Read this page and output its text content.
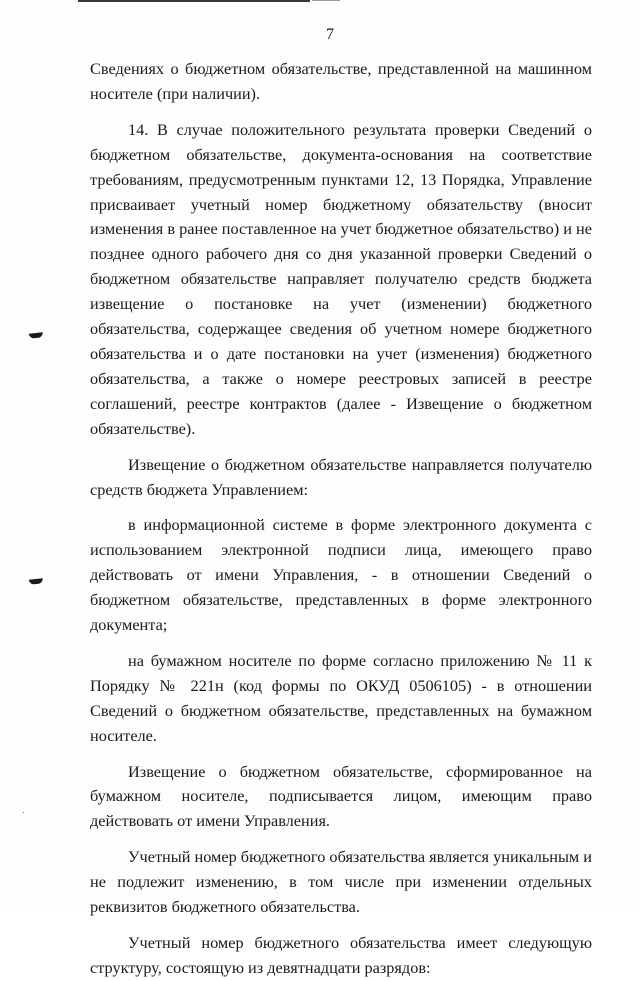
7

Сведениях о бюджетном обязательстве, представленной на машинном носителе (при наличии).

14. В случае положительного результата проверки Сведений о бюджетном обязательстве, документа-основания на соответствие требованиям, предусмотренным пунктами 12, 13 Порядка, Управление присваивает учетный номер бюджетному обязательству (вносит изменения в ранее поставленное на учет бюджетное обязательство) и не позднее одного рабочего дня со дня указанной проверки Сведений о бюджетном обязательстве направляет получателю средств бюджета извещение о постановке на учет (изменении) бюджетного обязательства, содержащее сведения об учетном номере бюджетного обязательства и о дате постановки на учет (изменения) бюджетного обязательства, а также о номере реестровых записей в реестре соглашений, реестре контрактов (далее - Извещение о бюджетном обязательстве).

Извещение о бюджетном обязательстве направляется получателю средств бюджета Управлением:

в информационной системе в форме электронного документа с использованием электронной подписи лица, имеющего право действовать от имени Управления, - в отношении Сведений о бюджетном обязательстве, представленных в форме электронного документа;

на бумажном носителе по форме согласно приложению № 11 к Порядку № 221н (код формы по ОКУД 0506105) - в отношении Сведений о бюджетном обязательстве, представленных на бумажном носителе.

Извещение о бюджетном обязательстве, сформированное на бумажном носителе, подписывается лицом, имеющим право действовать от имени Управления.

Учетный номер бюджетного обязательства является уникальным и не подлежит изменению, в том числе при изменении отдельных реквизитов бюджетного обязательства.

Учетный номер бюджетного обязательства имеет следующую структуру, состоящую из девятнадцати разрядов:
